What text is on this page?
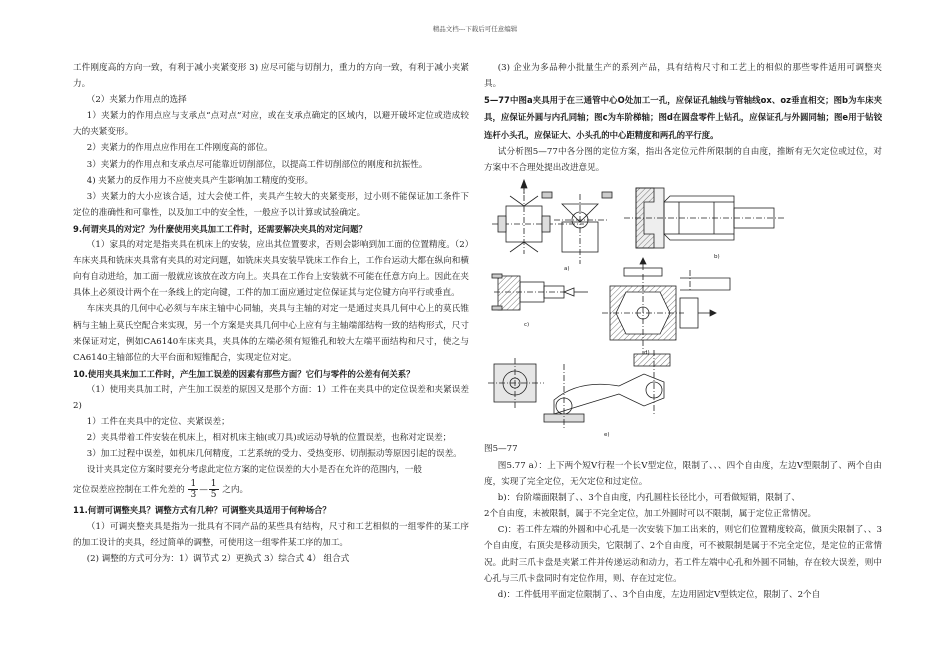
精品文档---下载后可任意编辑

工件刚度高的方向一致，有利于减小夹紧变形 3) 应尽可能与切削力，重力的方向一致，有利于减小夹紧力。

（2）夹紧力作用点的选择

1）夹紧力的作用点应与支承点“点对点”对应，或在支承点确定的区域内，以避开破坏定位或造成较大的夹紧变形。

2）夹紧力的作用点应作用在工件刚度高的部位。

3）夹紧力的作用点和支承点尽可能靠近切削部位，以提高工件切削部位的刚度和抗振性。

4) 夹紧力的反作用力不应使夹具产生影响加工精度的变形。

3）夹紧力的大小应该合适，过大会使工件，夹具产生较大的夹紧变形，过小则不能保证加工条件下定位的准确性和可靠性，以及加工中的安全性，一般应予以计算或试验确定。

9.何谓夹具的对定？为什麼使用夹具加工工件时，还需要解决夹具的对定问题？

（1）家具的对定是指夹具在机床上的安装，应出其位置要求，否则会影响到加工面的位置精度。（2）车床夹具和铣床夹具常有夹具的对定问题，如铣床夹具安装早铣床工作台上，工作台运动大都在纵向和横向有自动进给，加工面一般就应该放在改方向上。夹具在工作台上安装就不可能在任意方向上。因此在夹具体上必须设计两个在一条线上的定向键，工件的加工面应通过定位保证其与定位键方向平行或垂直。

车床夹具的几何中心必须与车床主轴中心同轴，夹具与主轴的对定一是通过夹具几何中心上的莫氏锥柄与主轴上莫氏空配合来实现，另一个方案是夹具几何中心上应有与主轴端部结构一致的结构形式，尺寸来保证对定，例如CA6140车床夹具，夹具体的左端必须有短锥孔和较大左端平面结构和尺寸，使之与CA6140主轴部位的大平台面和短锥配合，实现定位对定。

10.使用夹具来加工工件时，产生加工误差的因素有那些方面？它们与零件的公差有何关系？

（1）使用夹具加工时，产生加工误差的原因又是那个方面：1）工件在夹具中的定位误差和夹紧误差 2)

1）工件在夹具中的定位、夹紧误差；

2）夹具带着工件安装在机床上，相对机床主轴(或刀具)或运动导轨的位置误差，也称对定误差；

3）加工过程中误差，如机床几何精度，工艺系统的受力、受热变形、切削振动等原因引起的误差。

设计夹具定位方案时要充分考虑此定位方案的定位误差的大小是否在允许的范围内，一般

定位误差应控制在工件允差的 $\frac{1}{3}$ — $\frac{1}{5}$ 之内。

11.何谓可调整夹具？调整方式有几种？可调整夹具适用于何种场合？

（1）可调夹整夹具是指为一批具有不同产品的某些具有结构，尺寸和工艺相似的一组零件的某工序的加工设计的夹具，经过简单的调整，可使用这一组零件某工序的加工。

(2) 调整的方式可分为：1）调节式 2）更换式 3）综合式 4） 组合式

(3) 企业为多品种小批量生产的系列产品，具有结构尺寸和工艺上的相似的那些零件适用可调整夹具。

5—77中图a夹具用于在三通管中心O处加工一孔，应保证孔轴线与管轴线ox、oz垂直相交；图b为车床夹具，应保证外圆与内孔同轴；图c为车阶梯轴；图d在圆盘零件上钻孔，应保证孔与外圆同轴；图e用于钻铰连杆小头孔，应保证大、小头孔的中心距精度和两孔的平行度。

试分析图5—77中各分图的定位方案，指出各定位元件所限制的自由度，推断有无欠定位或过位，对方案中不合理处提出改进意见。

a)
b)
c)
d)
e)
图5—77

图5.77 a）：上下两个短V行程一个长V型定位，限制了、、、四个自由度，左边V型限制了、两个自由度，实现了完全定位，无欠定位和过定位。

b)：台阶端面限制了、、3个自由度，内孔圆柱长径比小，可看做短销，限制了、

2个自由度，未被限制，属于不完全定位，加工外圆时可以不限制，属于定位正常情况。

C)：若工件左端的外圆和中心孔是一次安装下加工出来的，则它们位置精度较高，做顶尖限制了、、3个自由度，右顶尖是移动顶尖，它限制了、2个自由度，可不被限制是属于不完全定位，是定位的正常情况。此时三爪卡盘是夹紧工件并传递运动和动力，若工件左端中心孔和外圆不同轴，存在较大误差，则中心孔与三爪卡盘同时有定位作用，则、存在过定位。

d)：工件低用平面定位限制了、、3个自由度，左边用固定V型铁定位，限制了、2个自
